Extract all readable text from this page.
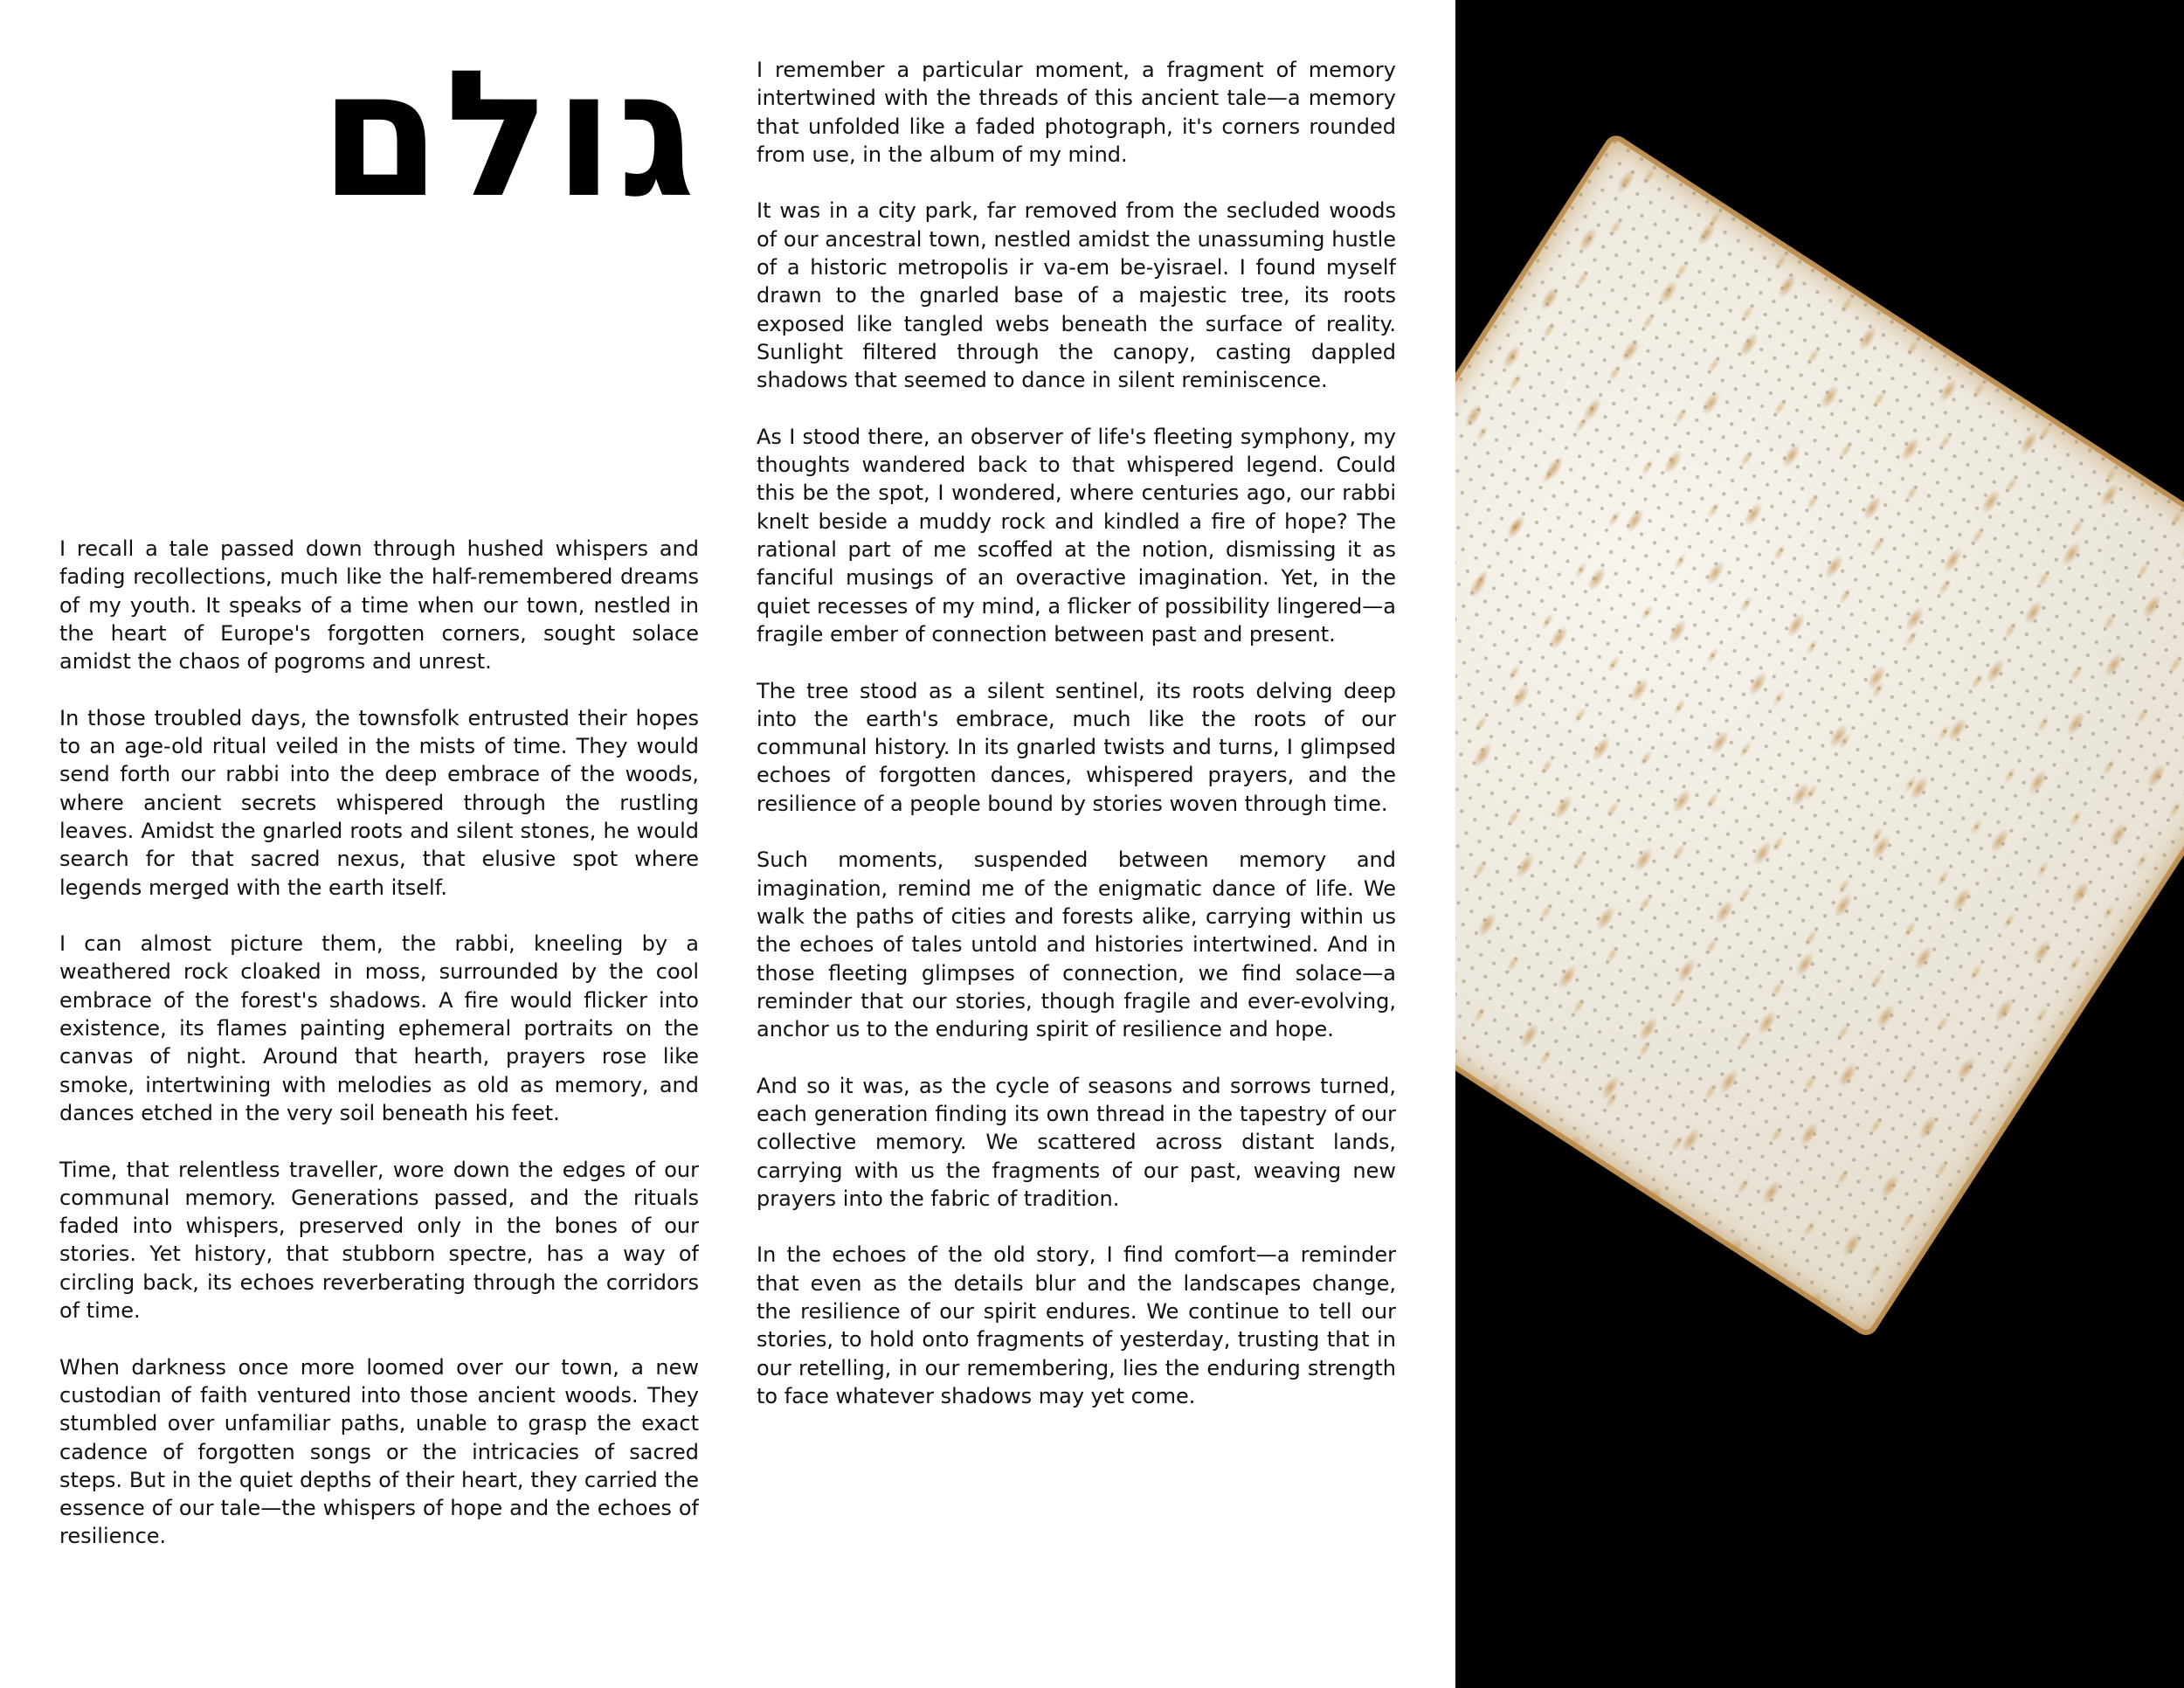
גולם

I recall a tale passed down through hushed whispers and fading recollections, much like the half-remembered dreams of my youth. It speaks of a time when our town, nestled in the heart of Europe's forgotten corners, sought solace amidst the chaos of pogroms and unrest.

In those troubled days, the townsfolk entrusted their hopes to an age-old ritual veiled in the mists of time. They would send forth our rabbi into the deep embrace of the woods, where ancient secrets whispered through the rustling leaves. Amidst the gnarled roots and silent stones, he would search for that sacred nexus, that elusive spot where legends merged with the earth itself.

I can almost picture them, the rabbi, kneeling by a weathered rock cloaked in moss, surrounded by the cool embrace of the forest's shadows. A fire would flicker into existence, its flames painting ephemeral portraits on the canvas of night. Around that hearth, prayers rose like smoke, intertwining with melodies as old as memory, and dances etched in the very soil beneath his feet.

Time, that relentless traveller, wore down the edges of our communal memory. Generations passed, and the rituals faded into whispers, preserved only in the bones of our stories. Yet history, that stubborn spectre, has a way of circling back, its echoes reverberating through the corridors of time.

When darkness once more loomed over our town, a new custodian of faith ventured into those ancient woods. They stumbled over unfamiliar paths, unable to grasp the exact cadence of forgotten songs or the intricacies of sacred steps. But in the quiet depths of their heart, they carried the essence of our tale—the whispers of hope and the echoes of resilience.

I remember a particular moment, a fragment of memory intertwined with the threads of this ancient tale—a memory that unfolded like a faded photograph, it's corners rounded from use, in the album of my mind.

It was in a city park, far removed from the secluded woods of our ancestral town, nestled amidst the unassuming hustle of a historic metropolis ir va-em be-yisrael. I found myself drawn to the gnarled base of a majestic tree, its roots exposed like tangled webs beneath the surface of reality. Sunlight filtered through the canopy, casting dappled shadows that seemed to dance in silent reminiscence.

As I stood there, an observer of life's fleeting symphony, my thoughts wandered back to that whispered legend. Could this be the spot, I wondered, where centuries ago, our rabbi knelt beside a muddy rock and kindled a fire of hope? The rational part of me scoffed at the notion, dismissing it as fanciful musings of an overactive imagination. Yet, in the quiet recesses of my mind, a flicker of possibility lingered—a fragile ember of connection between past and present.

The tree stood as a silent sentinel, its roots delving deep into the earth's embrace, much like the roots of our communal history. In its gnarled twists and turns, I glimpsed echoes of forgotten dances, whispered prayers, and the resilience of a people bound by stories woven through time.

Such moments, suspended between memory and imagination, remind me of the enigmatic dance of life. We walk the paths of cities and forests alike, carrying within us the echoes of tales untold and histories intertwined. And in those fleeting glimpses of connection, we find solace—a reminder that our stories, though fragile and ever-evolving, anchor us to the enduring spirit of resilience and hope.

And so it was, as the cycle of seasons and sorrows turned, each generation finding its own thread in the tapestry of our collective memory. We scattered across distant lands, carrying with us the fragments of our past, weaving new prayers into the fabric of tradition.

In the echoes of the old story, I find comfort—a reminder that even as the details blur and the landscapes change, the resilience of our spirit endures. We continue to tell our stories, to hold onto fragments of yesterday, trusting that in our retelling, in our remembering, lies the enduring strength to face whatever shadows may yet come.
